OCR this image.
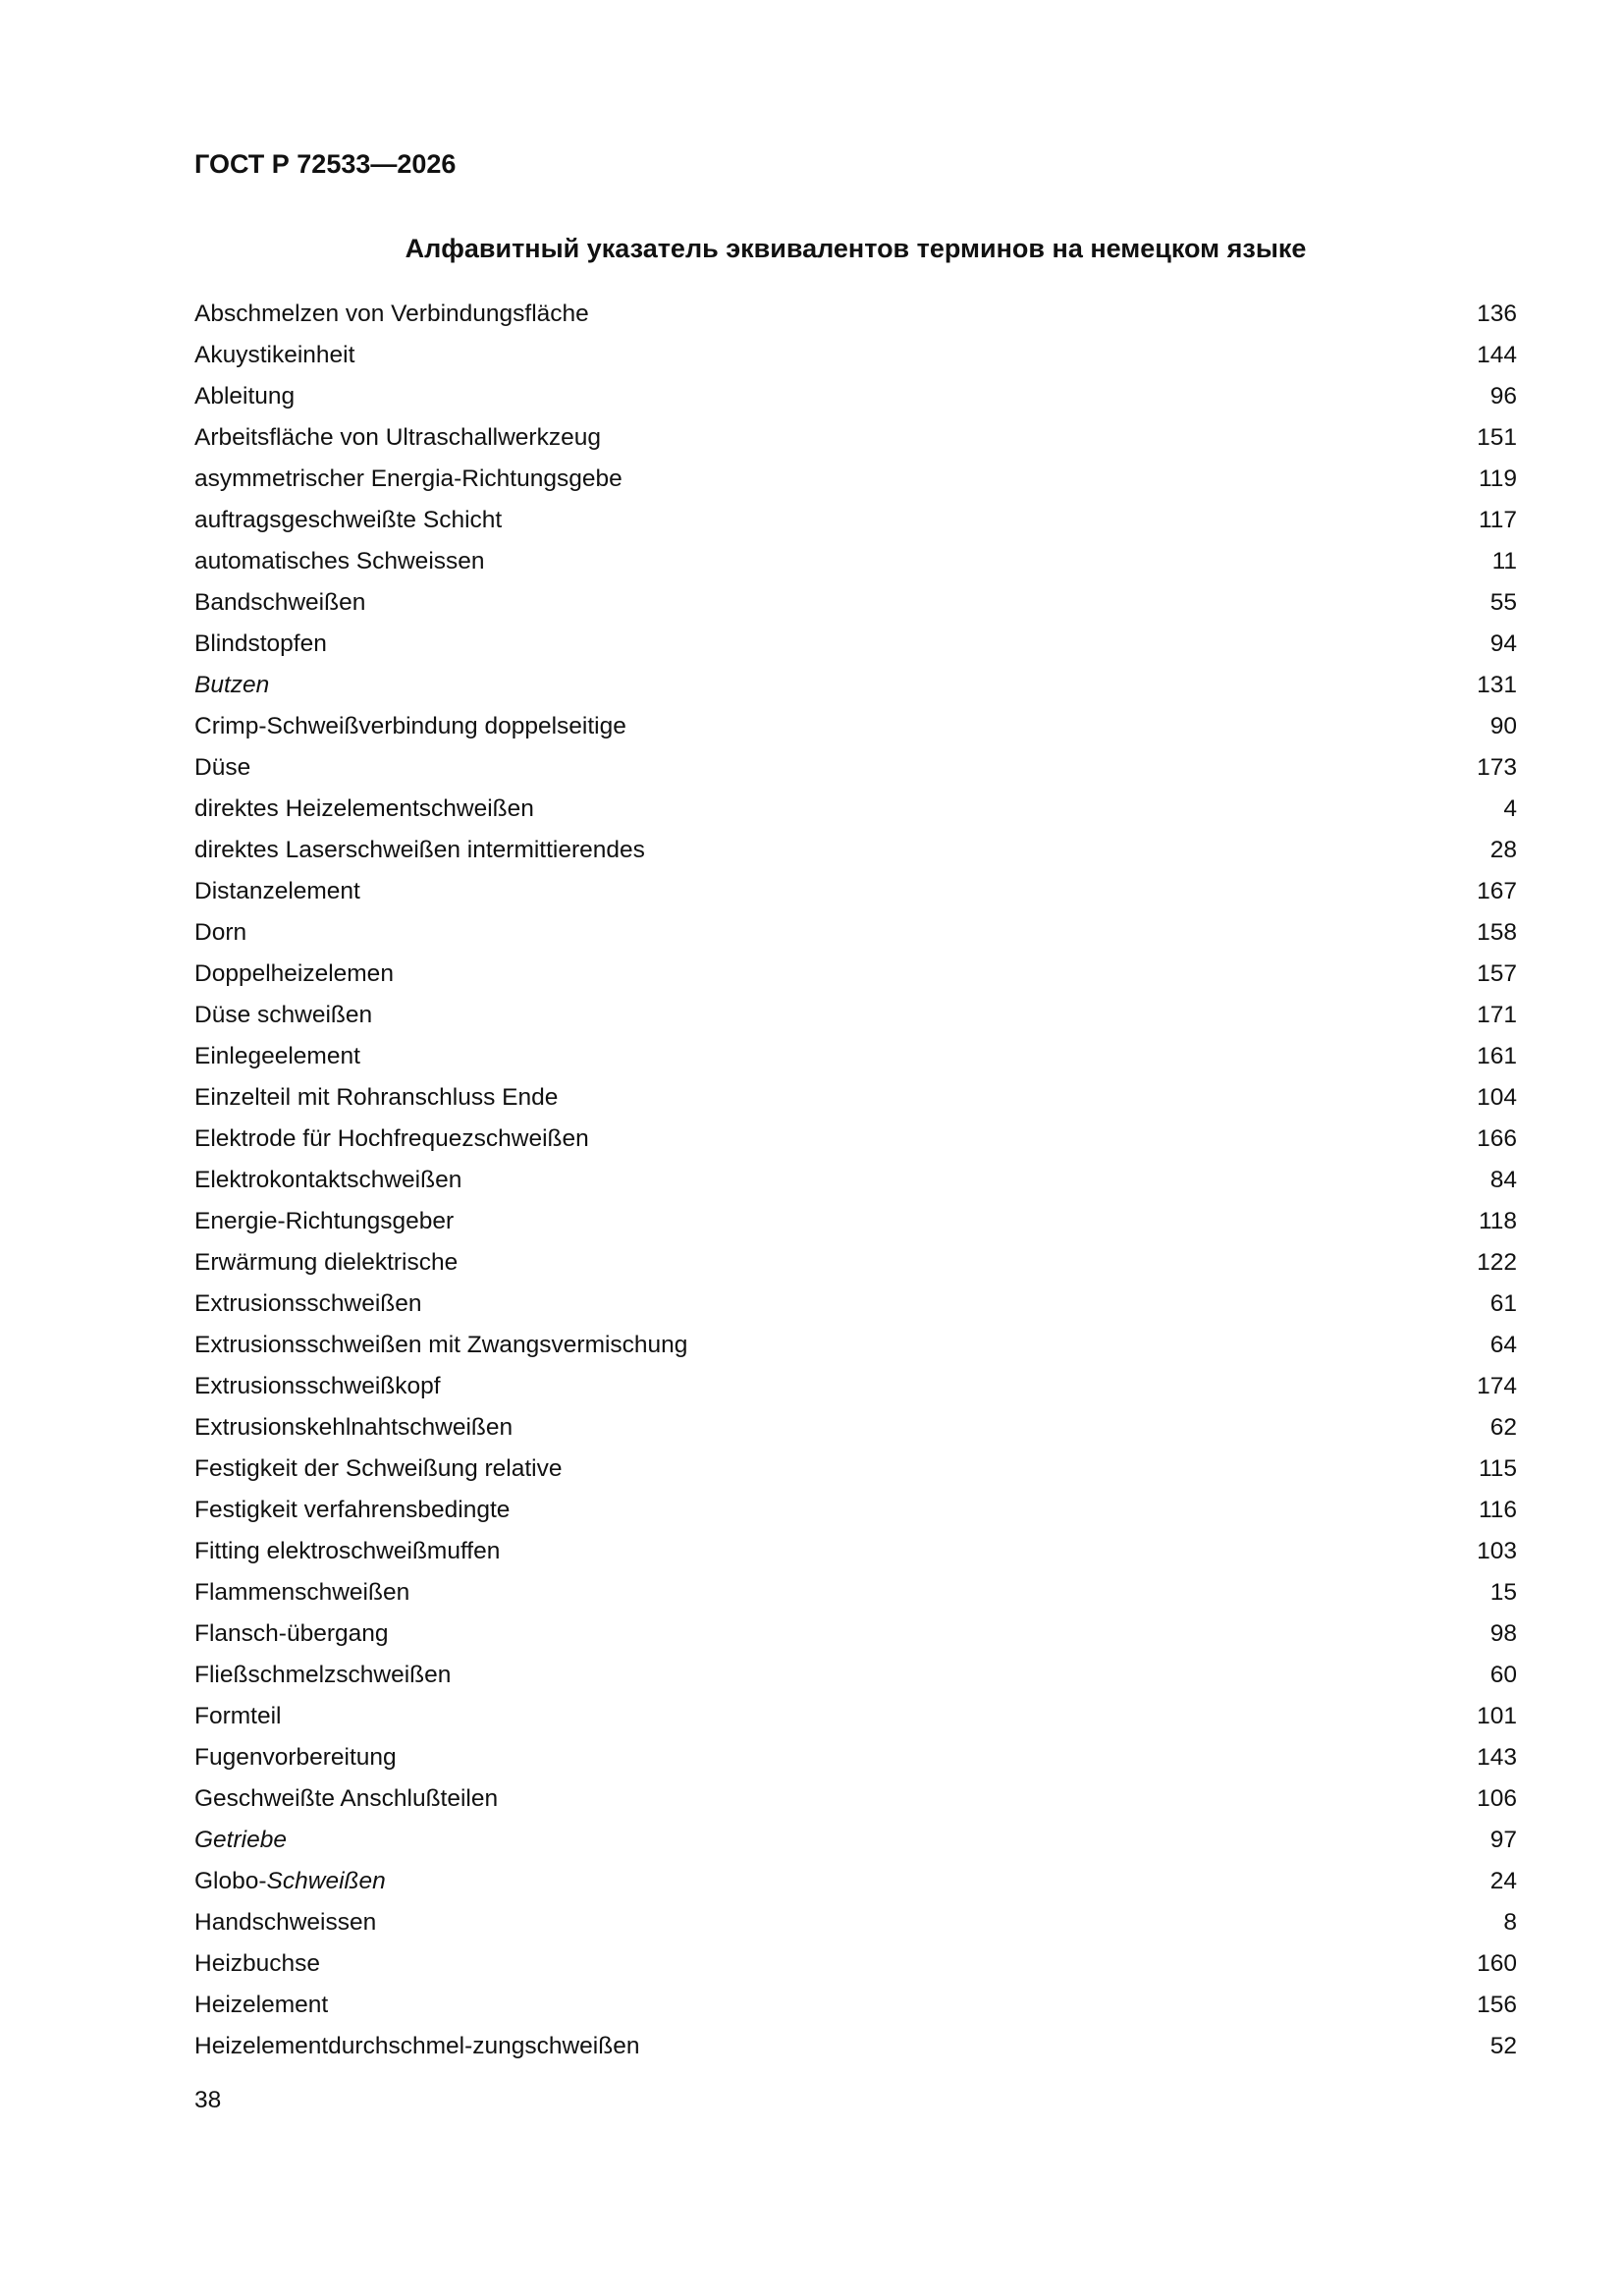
ГОСТ Р 72533—2026
Алфавитный указатель эквивалентов терминов на немецком языке
Abschmelzen von Verbindungsfläche	136
Akuystikeinheit	144
Ableitung	96
Arbeitsfläche von Ultraschallwerkzeug	151
asymmetrischer Energia-Richtungsgebe	119
auftragsgeschweißte Schicht	117
automatisches Schweissen	11
Bandschweißen	55
Blindstopfen	94
Butzen	131
Crimp-Schweißverbindung doppelseitige	90
Düse	173
direktes Heizelementschweißen	4
direktes Laserschweißen intermittierendes	28
Distanzelement	167
Dorn	158
Doppelheizelemen	157
Düse schweißen	171
Einlegeelement	161
Einzelteil mit Rohranschluss Ende	104
Elektrode für Hochfrequezschweißen	166
Elektrokontaktschweißen	84
Energie-Richtungsgeber	118
Erwärmung dielektrische	122
Extrusionsschweißen	61
Extrusionsschweißen mit Zwangsvermischung	64
Extrusionsschweißkopf	174
Extrusionskehlnahtschweißen	62
Festigkeit der Schweißung relative	115
Festigkeit verfahrensbedingte	116
Fitting elektroschweißmuffen	103
Flammenschweißen	15
Flansch-übergang	98
Fließschmelzschweißen	60
Formteil	101
Fugenvorbereitung	143
Geschweißte Anschlußteilen	106
Getriebe	97
Globo-Schweißen	24
Handschweissen	8
Heizbuchse	160
Heizelement	156
Heizelementdurchschmel-zungschweißen	52
38
